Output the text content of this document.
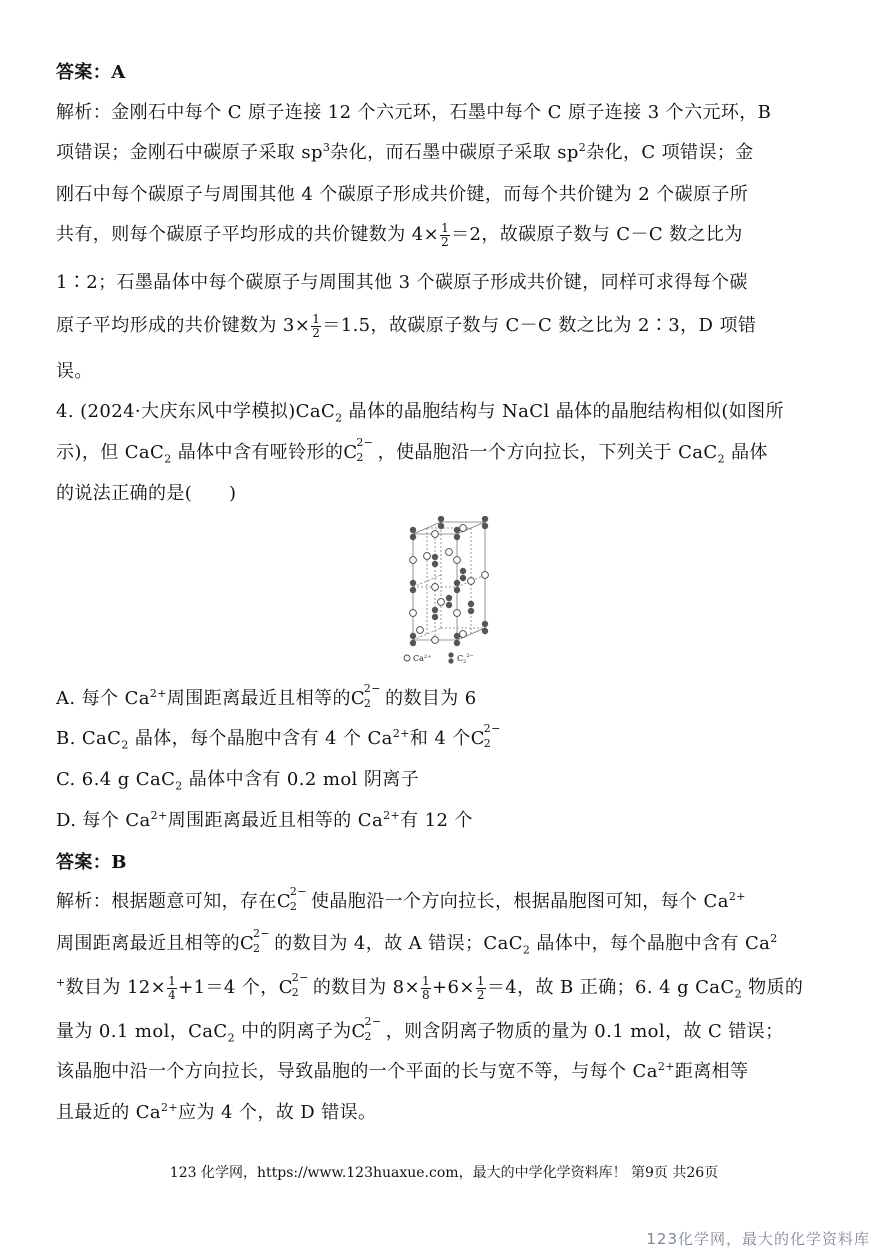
答案：A
解析：金刚石中每个 C 原子连接 12 个六元环，石墨中每个 C 原子连接 3 个六元环，B
项错误；金刚石中碳原子采取 $sp^3$杂化，而石墨中碳原子采取 $sp^2$杂化，C 项错误；金
刚石中每个碳原子与周围其他 4 个碳原子形成共价键，而每个共价键为 2 个碳原子所
共有，则每个碳原子平均形成的共价键数为 $4\times \frac{1}{2} =2$，故碳原子数与 C－C 数之比为
1∶2；石墨晶体中每个碳原子与周围其他 3 个碳原子形成共价键，同样可求得每个碳
原子平均形成的共价键数为 $3\times \frac{1}{2} =1.5$，故碳原子数与 C－C 数之比为 2∶3，D 项错
误。
4. (2024·大庆东风中学模拟)CaC$_2$ 晶体的晶胞结构与 NaCl 晶体的晶胞结构相似(如图所
示)，但 CaC$_2$ 晶体中含有哑铃形的C
2−
2 ，使晶胞沿一个方向拉长，下列关于 CaC$_2$ 晶体
的说法正确的是(　　)
$Ca^{2+}$	$C_2^{2-}$
A. 每个 $Ca^{2+}$周围距离最近且相等的C
2−
2 的数目为 6
B. CaC$_2$ 晶体，每个晶胞中含有 4 个 $Ca^{2+}$和 4 个C
2−
2
C. 6.4 g CaC$_2$ 晶体中含有 0.2 mol 阴离子
D. 每个 $Ca^{2+}$周围距离最近且相等的 $Ca^{2+}$有 12 个
答案：B
解析：根据题意可知，存在C
2−
2 使晶胞沿一个方向拉长，根据晶胞图可知，每个 $Ca^{2+}$
周围距离最近且相等的C
2−
2 的数目为 4，故 A 错误；CaC$_2$ 晶体中，每个晶胞中含有 Ca$^2$
+数目为 $12\times \frac{1}{4} +1=4$ 个，C
2−
2 的数目为 $8\times \frac{1}{8} +6\times \frac{1}{2} =4$，故 B 正确；6. 4 g CaC$_2$ 物质的
量为 0.1 mol，CaC$_2$ 中的阴离子为C
2−
2 ，则含阴离子物质的量为 0.1 mol，故 C 错误；
该晶胞中沿一个方向拉长，导致晶胞的一个平面的长与宽不等，与每个 $Ca^{2+}$距离相等
且最近的 $Ca^{2+}$应为 4 个，故 D 错误。
123 化学网，https://www.123huaxue.com，最大的中学化学资料库！ 第9页 共26页
123化学网，最大的化学资料库
